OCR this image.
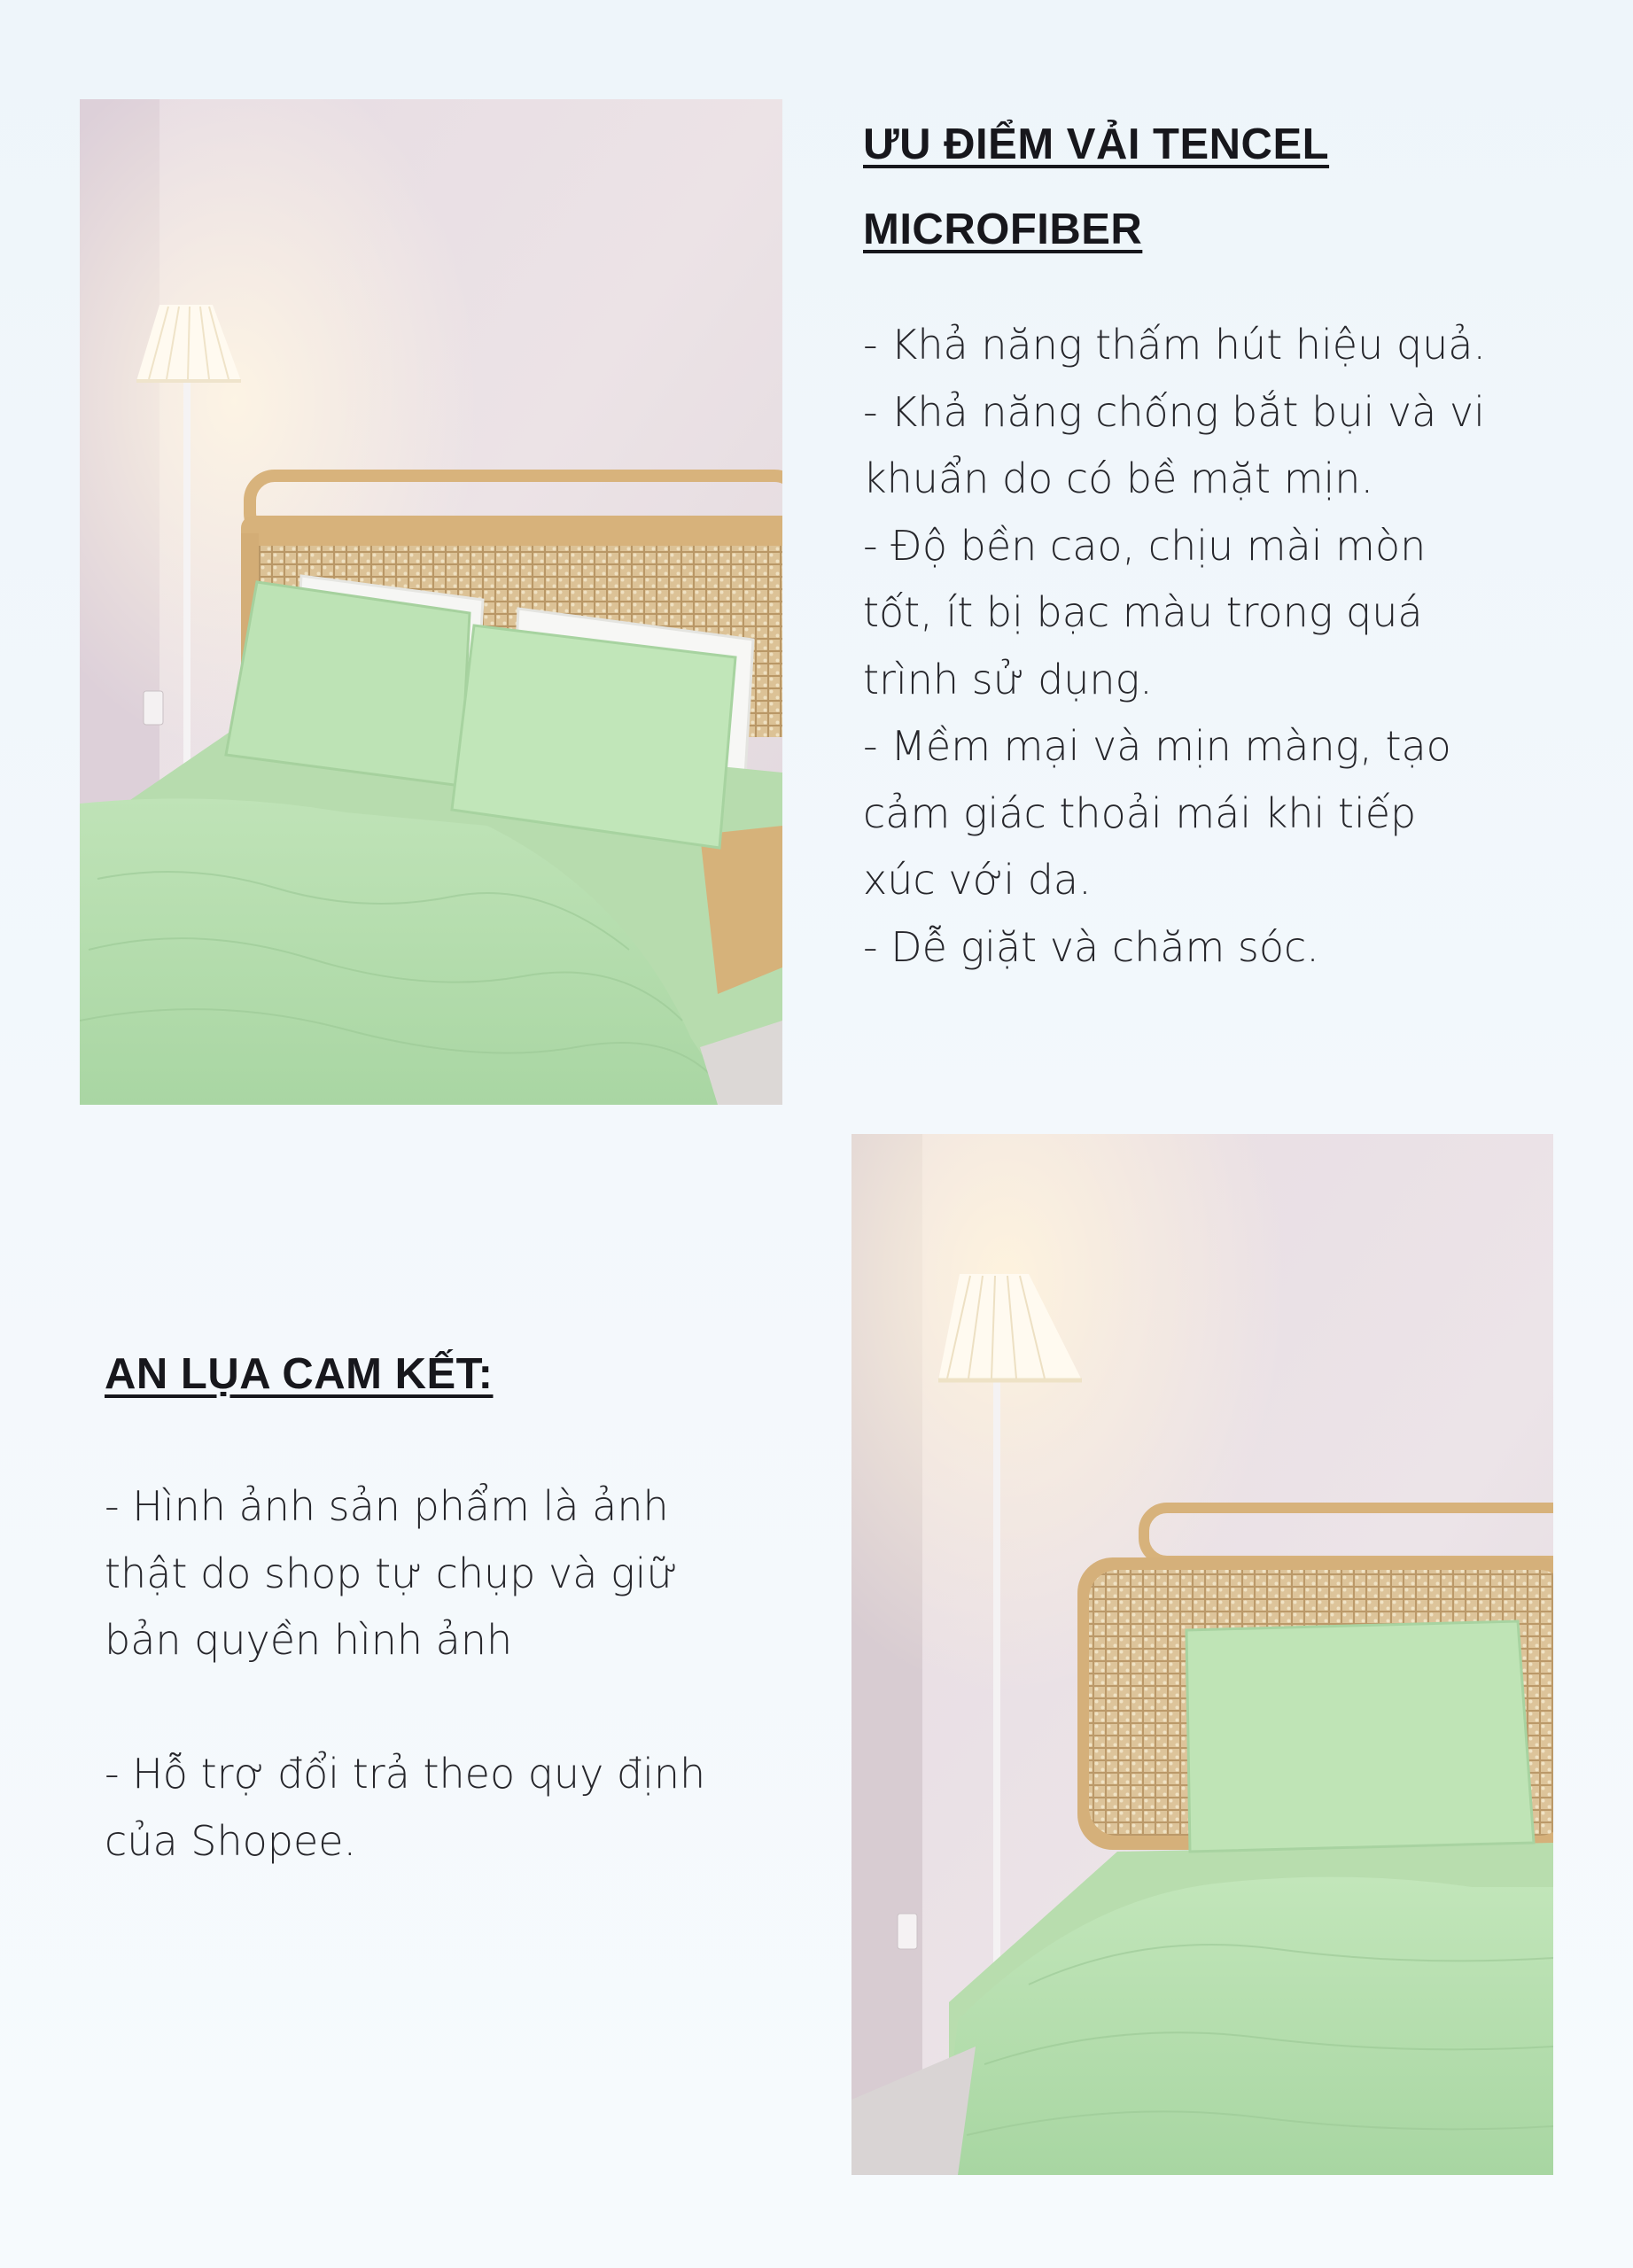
ƯU ĐIỂM VẢI TENCEL
MICROFIBER
- Khả năng thấm hút hiệu quả.
- Khả năng chống bắt bụi và vi
khuẩn do có bề mặt mịn.
- Độ bền cao, chịu mài mòn
tốt, ít bị bạc màu trong quá
trình sử dụng.
- Mềm mại và mịn màng, tạo
cảm giác thoải mái khi tiếp
xúc với da.
- Dễ giặt và chăm sóc.
AN LỤA CAM KẾT:
- Hình ảnh sản phẩm là ảnh
thật do shop tự chụp và giữ
bản quyền hình ảnh
- Hỗ trợ đổi trả theo quy định
của Shopee.
